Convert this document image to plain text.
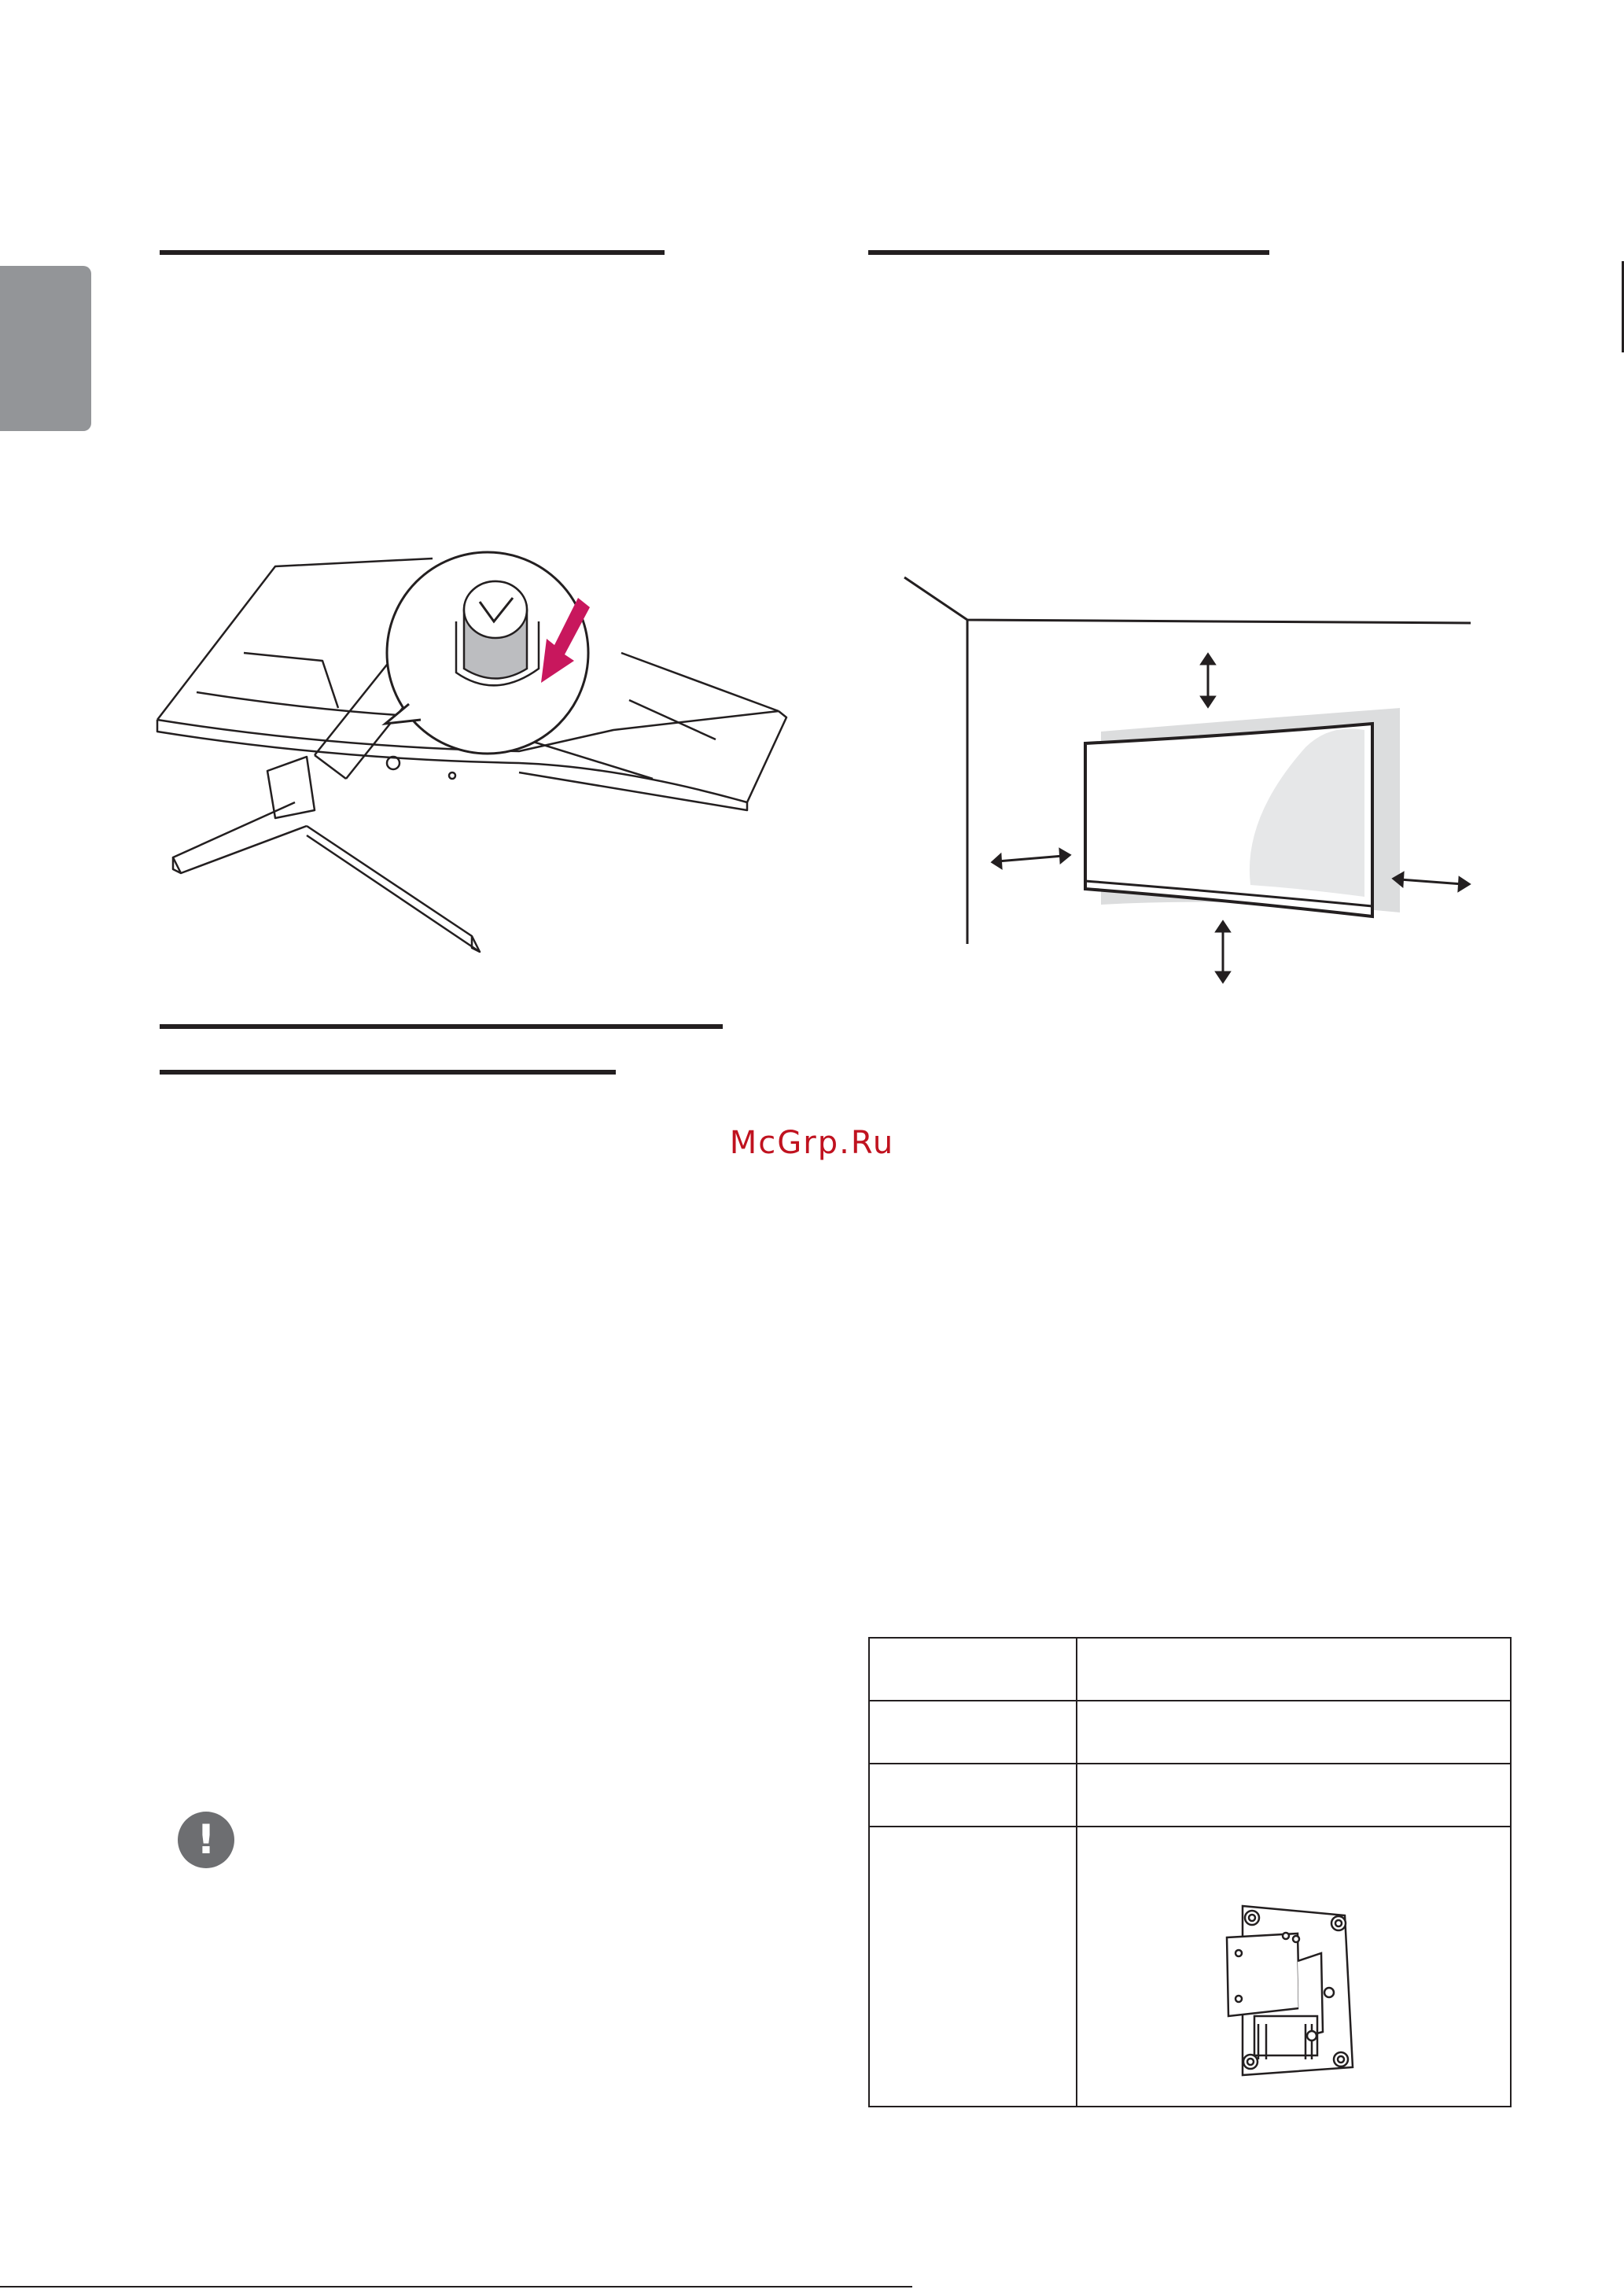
McGrp.Ru
!
